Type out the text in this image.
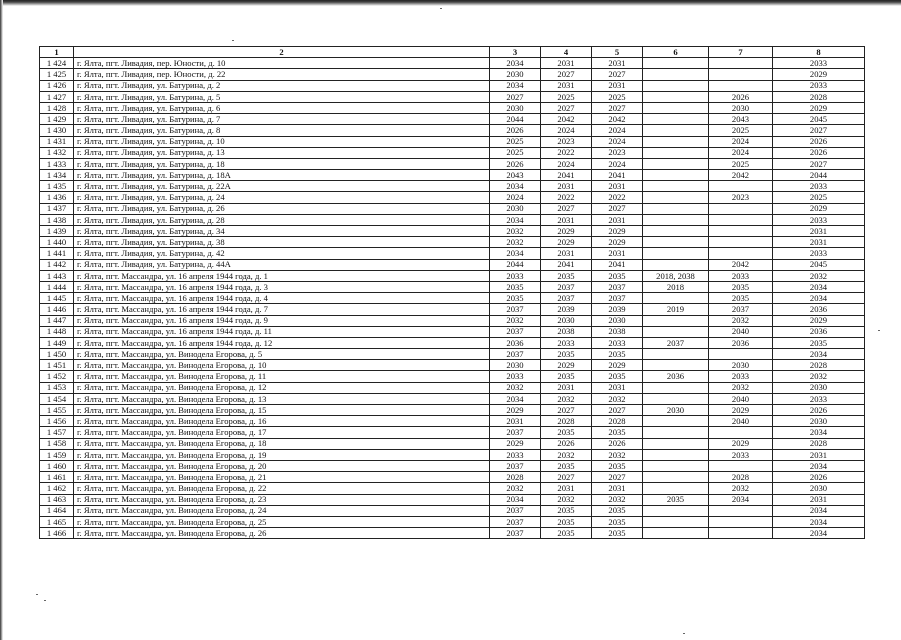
1	2	3	4	5	6	7	8
1 424	г. Ялта, пгт. Ливадия, пер. Юности, д. 10	2034	2031	2031			2033
1 425	г. Ялта, пгт. Ливадия, пер. Юности, д. 22	2030	2027	2027			2029
1 426	г. Ялта, пгт. Ливадия, ул. Батурина, д. 2	2034	2031	2031			2033
1 427	г. Ялта, пгт. Ливадия, ул. Батурина, д. 5	2027	2025	2025		2026	2028
1 428	г. Ялта, пгт. Ливадия, ул. Батурина, д. 6	2030	2027	2027		2030	2029
1 429	г. Ялта, пгт. Ливадия, ул. Батурина, д. 7	2044	2042	2042		2043	2045
1 430	г. Ялта, пгт. Ливадия, ул. Батурина, д. 8	2026	2024	2024		2025	2027
1 431	г. Ялта, пгт. Ливадия, ул. Батурина, д. 10	2025	2023	2024		2024	2026
1 432	г. Ялта, пгт. Ливадия, ул. Батурина, д. 13	2025	2022	2023		2024	2026
1 433	г. Ялта, пгт. Ливадия, ул. Батурина, д. 18	2026	2024	2024		2025	2027
1 434	г. Ялта, пгт. Ливадия, ул. Батурина, д. 18А	2043	2041	2041		2042	2044
1 435	г. Ялта, пгт. Ливадия, ул. Батурина, д. 22А	2034	2031	2031			2033
1 436	г. Ялта, пгт. Ливадия, ул. Батурина, д. 24	2024	2022	2022		2023	2025
1 437	г. Ялта, пгт. Ливадия, ул. Батурина, д. 26	2030	2027	2027			2029
1 438	г. Ялта, пгт. Ливадия, ул. Батурина, д. 28	2034	2031	2031			2033
1 439	г. Ялта, пгт. Ливадия, ул. Батурина, д. 34	2032	2029	2029			2031
1 440	г. Ялта, пгт. Ливадия, ул. Батурина, д. 38	2032	2029	2029			2031
1 441	г. Ялта, пгт. Ливадия, ул. Батурина, д. 42	2034	2031	2031			2033
1 442	г. Ялта, пгт. Ливадия, ул. Батурина, д. 44А	2044	2041	2041		2042	2045
1 443	г. Ялта, пгт. Массандра, ул. 16 апреля 1944 года, д. 1	2033	2035	2035	2018, 2038	2033	2032
1 444	г. Ялта, пгт. Массандра, ул. 16 апреля 1944 года, д. 3	2035	2037	2037	2018	2035	2034
1 445	г. Ялта, пгт. Массандра, ул. 16 апреля 1944 года, д. 4	2035	2037	2037		2035	2034
1 446	г. Ялта, пгт. Массандра, ул. 16 апреля 1944 года, д. 7	2037	2039	2039	2019	2037	2036
1 447	г. Ялта, пгт. Массандра, ул. 16 апреля 1944 года, д. 9	2032	2030	2030		2032	2029
1 448	г. Ялта, пгт. Массандра, ул. 16 апреля 1944 года, д. 11	2037	2038	2038		2040	2036
1 449	г. Ялта, пгт. Массандра, ул. 16 апреля 1944 года, д. 12	2036	2033	2033	2037	2036	2035
1 450	г. Ялта, пгт. Массандра, ул. Винодела Егорова, д. 5	2037	2035	2035			2034
1 451	г. Ялта, пгт. Массандра, ул. Винодела Егорова, д. 10	2030	2029	2029		2030	2028
1 452	г. Ялта, пгт. Массандра, ул. Винодела Егорова, д. 11	2033	2035	2035	2036	2033	2032
1 453	г. Ялта, пгт. Массандра, ул. Винодела Егорова, д. 12	2032	2031	2031		2032	2030
1 454	г. Ялта, пгт. Массандра, ул. Винодела Егорова, д. 13	2034	2032	2032		2040	2033
1 455	г. Ялта, пгт. Массандра, ул. Винодела Егорова, д. 15	2029	2027	2027	2030	2029	2026
1 456	г. Ялта, пгт. Массандра, ул. Винодела Егорова, д. 16	2031	2028	2028		2040	2030
1 457	г. Ялта, пгт. Массандра, ул. Винодела Егорова, д. 17	2037	2035	2035			2034
1 458	г. Ялта, пгт. Массандра, ул. Винодела Егорова, д. 18	2029	2026	2026		2029	2028
1 459	г. Ялта, пгт. Массандра, ул. Винодела Егорова, д. 19	2033	2032	2032		2033	2031
1 460	г. Ялта, пгт. Массандра, ул. Винодела Егорова, д. 20	2037	2035	2035			2034
1 461	г. Ялта, пгт. Массандра, ул. Винодела Егорова, д. 21	2028	2027	2027		2028	2026
1 462	г. Ялта, пгт. Массандра, ул. Винодела Егорова, д. 22	2032	2031	2031		2032	2030
1 463	г. Ялта, пгт. Массандра, ул. Винодела Егорова, д. 23	2034	2032	2032	2035	2034	2031
1 464	г. Ялта, пгт. Массандра, ул. Винодела Егорова, д. 24	2037	2035	2035			2034
1 465	г. Ялта, пгт. Массандра, ул. Винодела Егорова, д. 25	2037	2035	2035			2034
1 466	г. Ялта, пгт. Массандра, ул. Винодела Егорова, д. 26	2037	2035	2035			2034
